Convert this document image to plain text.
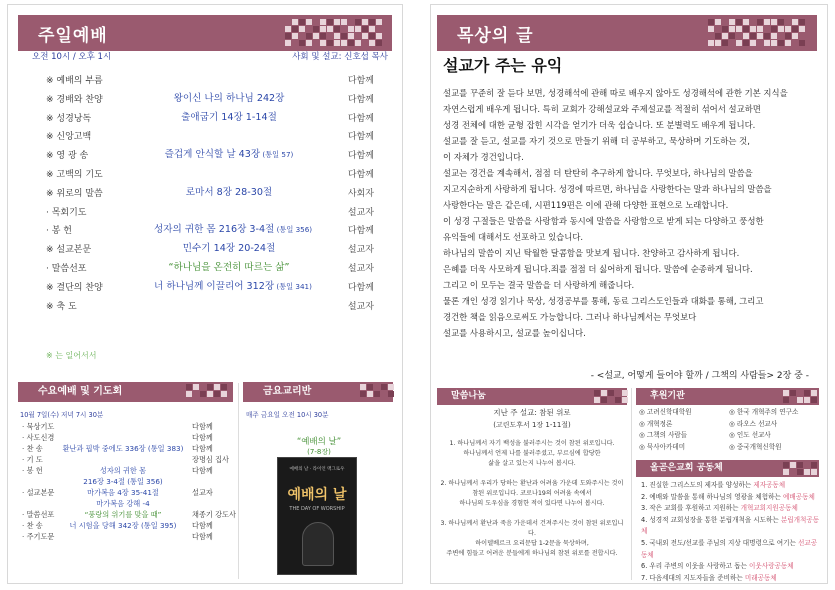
주일예배
오전 10시 / 오후 1시	사회 및 설교: 신호섭 목사
※ 예배의 부름	다함께
※ 경배와 찬양	왕이신 나의 하나님 242장	다함께
※ 성경낭독	출애굽기 14장 1-14절	다함께
※ 신앙고백	다함께
※ 영 광 송	즐겁게 안식할 날 43장 (통일 57)	다함께
※ 고백의 기도	다함께
※ 위로의 말씀	로마서 8장 28-30절	사회자
· 목회기도	설교자
· 봉 헌	성자의 귀한 몸 216장 3-4절 (통일 356)	다함께
※ 설교본문	민수기 14장 20-24절	설교자
· 말씀선포	“하나님을 온전히 따르는 삶”	설교자
※ 결단의 찬양	너 하나님께 이끌리어 312장 (통일 341)	다함께
※ 축 도	설교자
※ 는 일어서서
수요예배 및 기도회
10월 7일(수) 저녁 7시 30분
· 묵상기도	다함께
· 사도신경	다함께
· 찬 송	환난과 핍박 중에도 336장 (통일 383)	다함께
· 기 도	장명심 집사
· 봉 헌	성자의 귀한 몸	다함께
216장 3-4절 (통일 356)
· 설교본문	마가복음 4장 35-41절	설교자
마가복음 강해 -4
· 말씀선포	“풍랑의 위기를 맞을 때”	채종기 강도사
· 찬 송	너 시험을 당해 342장 (통일 395)	다함께
· 주기도문	다함께
금요교리반
매주 금요일 오전 10시 30분
“예배의 날”
(7-8장)
예배의 날 · 라이언 맥그로우
예배의 날
THE DAY OF WORSHIP
목상의 글
설교가 주는 유익
설교를 꾸준히 잘 듣다 보면, 성경해석에 관해 따로 배우지 않아도 성경해석에 관한 기본 지식을
자연스럽게 배우게 됩니다. 특히 교회가 강해설교와 주제설교를 적절히 섞어서 설교하면
성경 전체에 대한 균형 잡힌 시각을 얻기가 더욱 쉽습니다. 또 분별력도 배우게 됩니다.
설교를 잘 듣고, 설교를 자기 것으로 만들기 위해 더 공부하고, 묵상하며 기도하는 것,
이 자체가 경건입니다.
설교는 경건을 계속해서, 점점 더 탄탄히 추구하게 합니다. 무엇보다, 하나님의 말씀을
지고지순하게 사랑하게 됩니다. 성경에 따르면, 하나님을 사랑한다는 말과 하나님의 말씀을
사랑한다는 말은 같은데, 시편119편은 이에 관해 다양한 표현으로 노래합니다.
이 성경 구절들은 말씀을 사랑함과 동시에 말씀을 사랑함으로 받게 되는 다양하고 풍성한
유익들에 대해서도 선포하고 있습니다.
하나님의 말씀이 지닌 탁월한 달콤함을 맛보게 됩니다. 찬양하고 감사하게 됩니다.
은혜를 더욱 사모하게 됩니다.죄를 점점 더 싫어하게 됩니다. 말씀에 순종하게 됩니다.
그리고 이 모두는 결국 말씀을 더 사랑하게 해줍니다.
물론 개인 성경 읽기나 묵상, 성경공부를 통해, 동료 그리스도인들과 대화를 통해, 그리고
경건한 책을 읽음으로써도 가능합니다. 그러나 하나님께서는 무엇보다
설교를 사용하시고, 설교를 높이십니다.
- <설교, 어떻게 들어야 할까 / 그책의 사람들> 2장 중 -
말씀나눔
지난 주 설교: 참된 위로
(고린도후서 1장 1-11절)
1. 하나님께서 자기 백성을 불러주시는 것이 참된 위로입니다.
하나님께서 언제 나를 불러주셨고, 부르심에 합당한
삶을 살고 있는지 나누어 봅시다.
2. 하나님께서 우리가 당하는 환난과 어려움 가운데 도와주시는 것이
참된 위로입니다. 코로나19의 어려움 속에서
하나님의 도우심을 경험한 적이 있다면 나누어 봅시다.
3. 하나님께서 환난과 죽음 가운데서 건져주시는 것이 참된 위로입니다.
하이델베르크 요리문답 1-2문을 묵상하며,
주변에 힘들고 어려운 분들에게 하나님의 참된 위로를 전합시다.
후원기관
◎ 고려신학대학원	◎ 한국 개혁주의 연구소
◎ 개혁정론	◎ 라오스 선교사
◎ 그책의 사람들	◎ 인도 선교사
◎ 묵사아카데미	◎ 중국개혁신학원
올곧은교회 공동체
1. 진실한 그리스도의 제자를 양성하는 제자공동체
2. 예배와 말씀을 통해 하나님의 영광을 체험하는 예배공동체
3. 작은 교회를 후원하고 지원하는 개혁교회지원공동체
4. 성경적 교회성장을 통한 분립개척을 시도하는 분립개척공동체
5. 국내외 전도/선교를 주님의 지상 대명령으로 여기는 선교공동체
6. 우리 주변의 이웃을 사랑하고 돕는 이웃사랑공동체
7. 다음세대의 지도자들을 준비하는 미래공동체
